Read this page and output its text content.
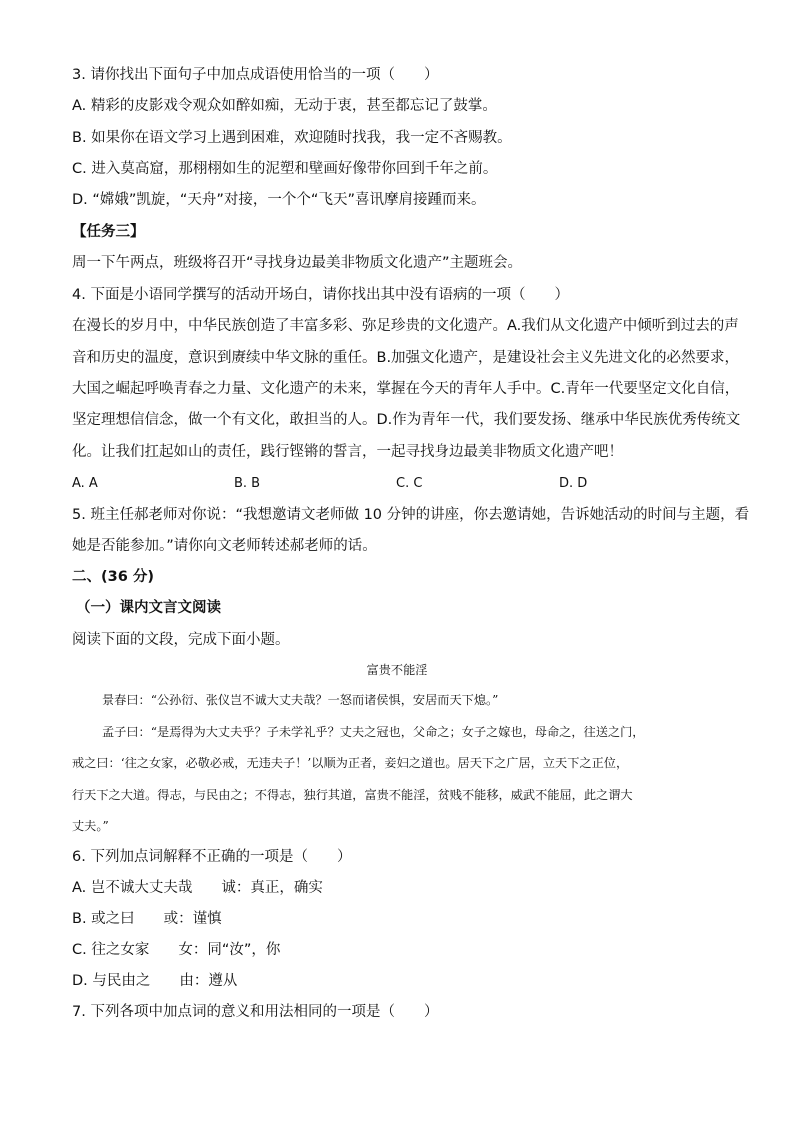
3. 请你找出下面句子中加点成语使用恰当的一项（　　）
A. 精彩的皮影戏令观众如醉如痴，无动于衷，甚至都忘记了鼓掌。
B. 如果你在语文学习上遇到困难，欢迎随时找我，我一定不吝赐教。
C. 进入莫高窟，那栩栩如生的泥塑和壁画好像带你回到千年之前。
D. “嫦娥”凯旋，“天舟”对接，一个个“飞天”喜讯摩肩接踵而来。
【任务三】
周一下午两点，班级将召开“寻找身边最美非物质文化遗产”主题班会。
4. 下面是小语同学撰写的活动开场白，请你找出其中没有语病的一项（　　）
在漫长的岁月中，中华民族创造了丰富多彩、弥足珍贵的文化遗产。A.我们从文化遗产中倾听到过去的声
音和历史的温度，意识到赓续中华文脉的重任。B.加强文化遗产，是建设社会主义先进文化的必然要求，
大国之崛起呼唤青春之力量、文化遗产的未来，掌握在今天的青年人手中。C.青年一代要坚定文化自信，
坚定理想信信念，做一个有文化，敢担当的人。D.作为青年一代，我们要发扬、继承中华民族优秀传统文
化。让我们扛起如山的责任，践行铿锵的誓言，一起寻找身边最美非物质文化遗产吧！
A. A	B. B	C. C	D. D
5. 班主任郝老师对你说：“我想邀请文老师做 10 分钟的讲座，你去邀请她，告诉她活动的时间与主题，看
她是否能参加。”请你向文老师转述郝老师的话。
二、(36 分)
（一）课内文言文阅读
阅读下面的文段，完成下面小题。
富贵不能淫
景春曰：“公孙衍、张仪岂不诚大丈夫哉？一怒而诸侯惧，安居而天下熄。”
孟子曰：“是焉得为大丈夫乎？子未学礼乎？丈夫之冠也，父命之；女子之嫁也，母命之，往送之门，
戒之曰：‘往之女家，必敬必戒，无违夫子！’以顺为正者，妾妇之道也。居天下之广居，立天下之正位，
行天下之大道。得志，与民由之；不得志，独行其道，富贵不能淫，贫贱不能移，威武不能屈，此之谓大
丈夫。”
6. 下列加点词解释不正确的一项是（　　）
A. 岂不诚大丈夫哉　　诚：真正，确实
B. 或之曰　　或：谨慎
C. 往之女家　　女：同“汝”，你
D. 与民由之　　由：遵从
7. 下列各项中加点词的意义和用法相同的一项是（　　）
